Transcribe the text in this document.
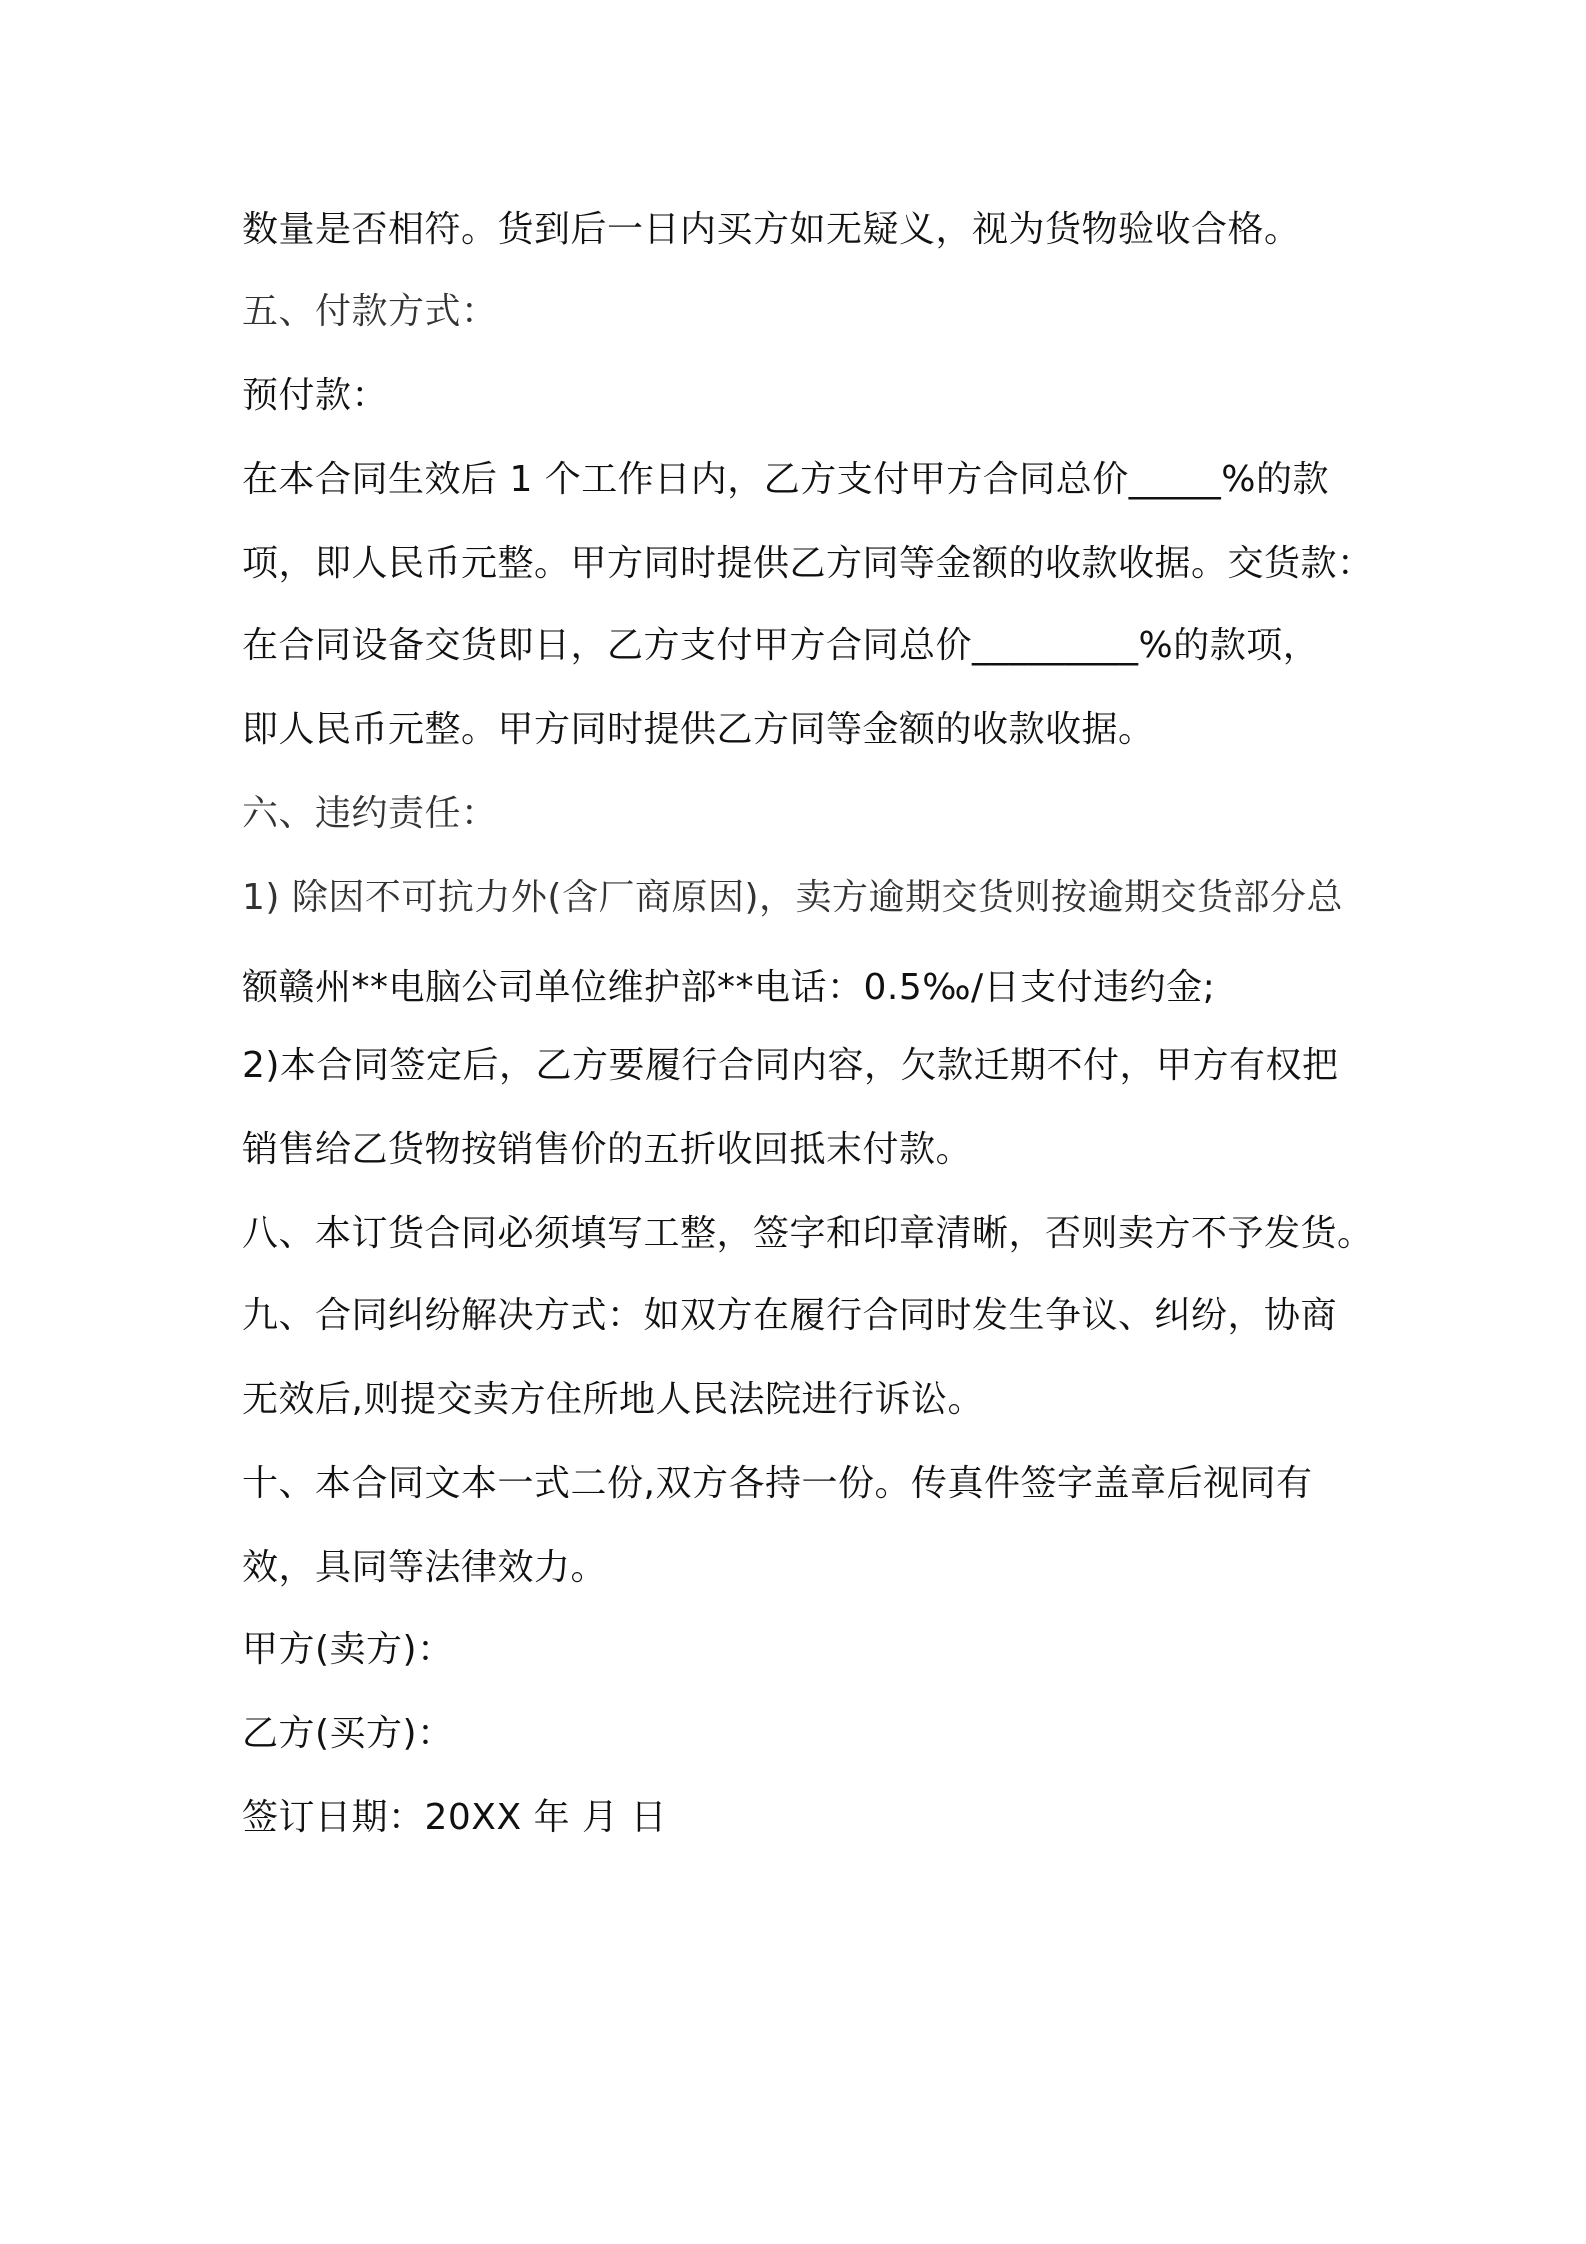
数量是否相符。货到后一日内买方如无疑义，视为货物验收合格。
五、付款方式：
预付款：
在本合同生效后 1 个工作日内，乙方支付甲方合同总价_____%的款
项，即人民币元整。甲方同时提供乙方同等金额的收款收据。交货款：
在合同设备交货即日，乙方支付甲方合同总价_________%的款项，
即人民币元整。甲方同时提供乙方同等金额的收款收据。
六、违约责任：
1) 除因不可抗力外(含厂商原因)，卖方逾期交货则按逾期交货部分总
额赣州**电脑公司单位维护部**电话：0.5‰/日支付违约金;
2)本合同签定后，乙方要履行合同内容，欠款迁期不付，甲方有权把
销售给乙货物按销售价的五折收回抵末付款。
八、本订货合同必须填写工整，签字和印章清晰，否则卖方不予发货。
九、合同纠纷解决方式：如双方在履行合同时发生争议、纠纷，协商
无效后,则提交卖方住所地人民法院进行诉讼。
十、本合同文本一式二份,双方各持一份。传真件签字盖章后视同有
效，具同等法律效力。
甲方(卖方)：
乙方(买方)：
签订日期：20XX 年 月 日
